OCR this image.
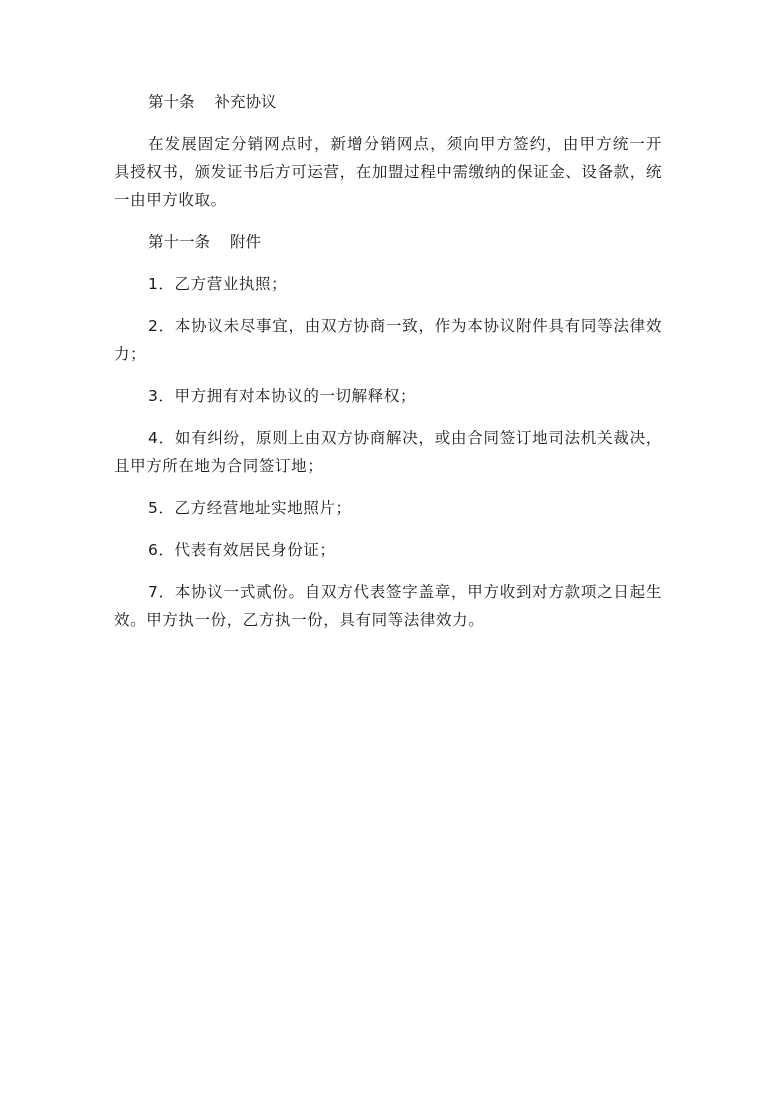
第十条 补充协议

在发展固定分销网点时，新增分销网点，须向甲方签约，由甲方统一开具授权书，颁发证书后方可运营，在加盟过程中需缴纳的保证金、设备款，统一由甲方收取。

第十一条 附件

1．乙方营业执照；

2．本协议未尽事宜，由双方协商一致，作为本协议附件具有同等法律效力；

3．甲方拥有对本协议的一切解释权；

4．如有纠纷，原则上由双方协商解决，或由合同签订地司法机关裁决，且甲方所在地为合同签订地；

5．乙方经营地址实地照片；

6．代表有效居民身份证；

7．本协议一式贰份。自双方代表签字盖章，甲方收到对方款项之日起生效。甲方执一份，乙方执一份，具有同等法律效力。
